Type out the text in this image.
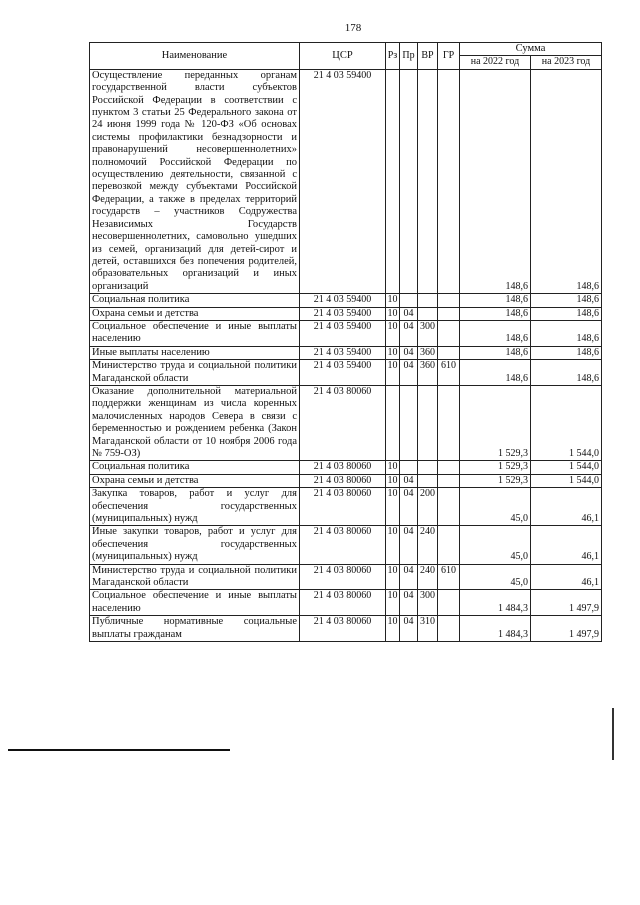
178
Наименование	ЦСР	Рз	Пр	ВР	ГР	Сумма	
						на 2022 год	на 2023 год
Осуществление переданных органам государственной власти субъектов Российской Федерации в соответствии с пунктом 3 статьи 25 Федерального закона от 24 июня 1999 года № 120-ФЗ «Об основах системы профилактики безнадзорности и правонарушений несовершеннолетних» полномочий Российской Федерации по осуществлению деятельности, связанной с перевозкой между субъектами Российской Федерации, а также в пределах территорий государств – участников Содружества Независимых Государств несовершеннолетних, самовольно ушедших из семей, организаций для детей-сирот и детей, оставшихся без попечения родителей, образовательных организаций и иных организаций	21 4 03 59400					148,6	148,6
Социальная политика	21 4 03 59400	10				148,6	148,6
Охрана семьи и детства	21 4 03 59400	10	04			148,6	148,6
Социальное обеспечение и иные выплаты населению	21 4 03 59400	10	04	300		148,6	148,6
Иные выплаты населению	21 4 03 59400	10	04	360		148,6	148,6
Министерство труда и социальной политики Магаданской области	21 4 03 59400	10	04	360	610	148,6	148,6
Оказание дополнительной материальной поддержки женщинам из числа коренных малочисленных народов Севера в связи с беременностью и рождением ребенка (Закон Магаданской области от 10 ноября 2006 года № 759-ОЗ)	21 4 03 80060					1 529,3	1 544,0
Социальная политика	21 4 03 80060	10				1 529,3	1 544,0
Охрана семьи и детства	21 4 03 80060	10	04			1 529,3	1 544,0
Закупка товаров, работ и услуг для обеспечения государственных (муниципальных) нужд	21 4 03 80060	10	04	200		45,0	46,1
Иные закупки товаров, работ и услуг для обеспечения государственных (муниципальных) нужд	21 4 03 80060	10	04	240		45,0	46,1
Министерство труда и социальной политики Магаданской области	21 4 03 80060	10	04	240	610	45,0	46,1
Социальное обеспечение и иные выплаты населению	21 4 03 80060	10	04	300		1 484,3	1 497,9
Публичные нормативные социальные выплаты гражданам	21 4 03 80060	10	04	310		1 484,3	1 497,9
